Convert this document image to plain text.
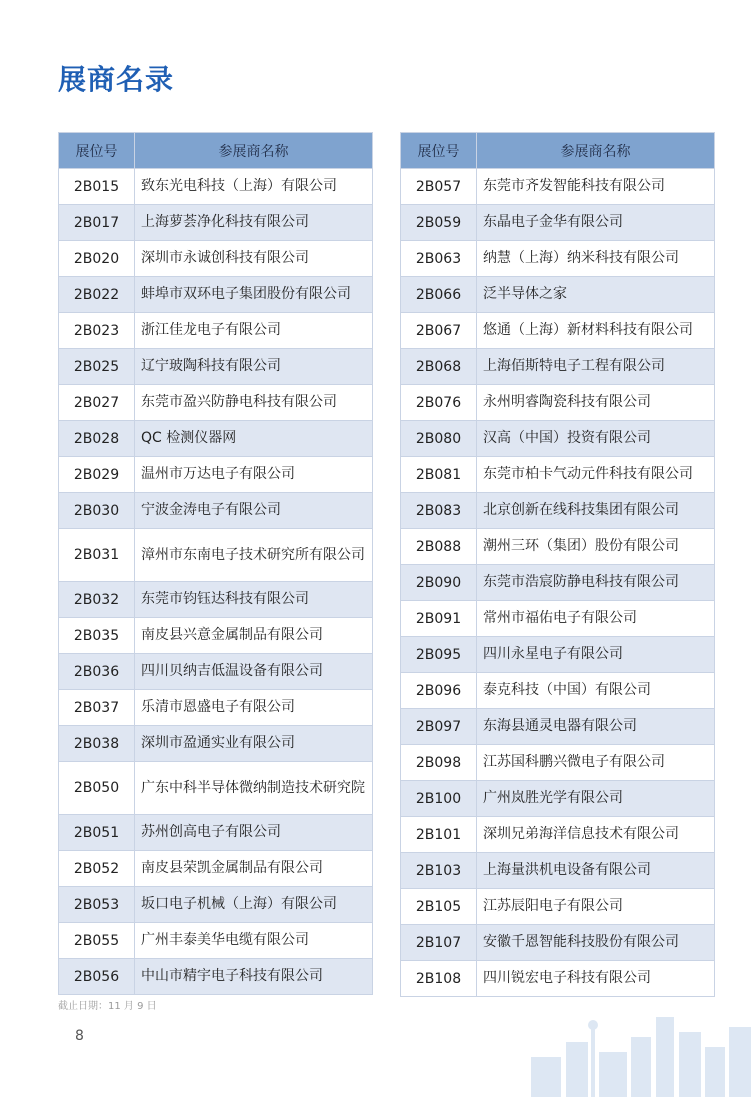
展商名录
展位号	参展商名称
2B015	致东光电科技（上海）有限公司
2B017	上海萝荟净化科技有限公司
2B020	深圳市永诚创科技有限公司
2B022	蚌埠市双环电子集团股份有限公司
2B023	浙江佳龙电子有限公司
2B025	辽宁玻陶科技有限公司
2B027	东莞市盈兴防静电科技有限公司
2B028	QC 检测仪器网
2B029	温州市万达电子有限公司
2B030	宁波金涛电子有限公司
2B031	漳州市东南电子技术研究所有限公司
2B032	东莞市钧钰达科技有限公司
2B035	南皮县兴意金属制品有限公司
2B036	四川贝纳吉低温设备有限公司
2B037	乐清市恩盛电子有限公司
2B038	深圳市盈通实业有限公司
2B050	广东中科半导体微纳制造技术研究院
2B051	苏州创高电子有限公司
2B052	南皮县荣凯金属制品有限公司
2B053	坂口电子机械（上海）有限公司
2B055	广州丰泰美华电缆有限公司
2B056	中山市精宇电子科技有限公司
展位号	参展商名称
2B057	东莞市齐发智能科技有限公司
2B059	东晶电子金华有限公司
2B063	纳慧（上海）纳米科技有限公司
2B066	泛半导体之家
2B067	悠通（上海）新材料科技有限公司
2B068	上海佰斯特电子工程有限公司
2B076	永州明睿陶瓷科技有限公司
2B080	汉高（中国）投资有限公司
2B081	东莞市柏卡气动元件科技有限公司
2B083	北京创新在线科技集团有限公司
2B088	潮州三环（集团）股份有限公司
2B090	东莞市浩宸防静电科技有限公司
2B091	常州市福佑电子有限公司
2B095	四川永星电子有限公司
2B096	泰克科技（中国）有限公司
2B097	东海县通灵电器有限公司
2B098	江苏国科鹏兴微电子有限公司
2B100	广州岚胜光学有限公司
2B101	深圳兄弟海洋信息技术有限公司
2B103	上海量洪机电设备有限公司
2B105	江苏辰阳电子有限公司
2B107	安徽千恩智能科技股份有限公司
2B108	四川锐宏电子科技有限公司
截止日期：11 月 9 日
8
